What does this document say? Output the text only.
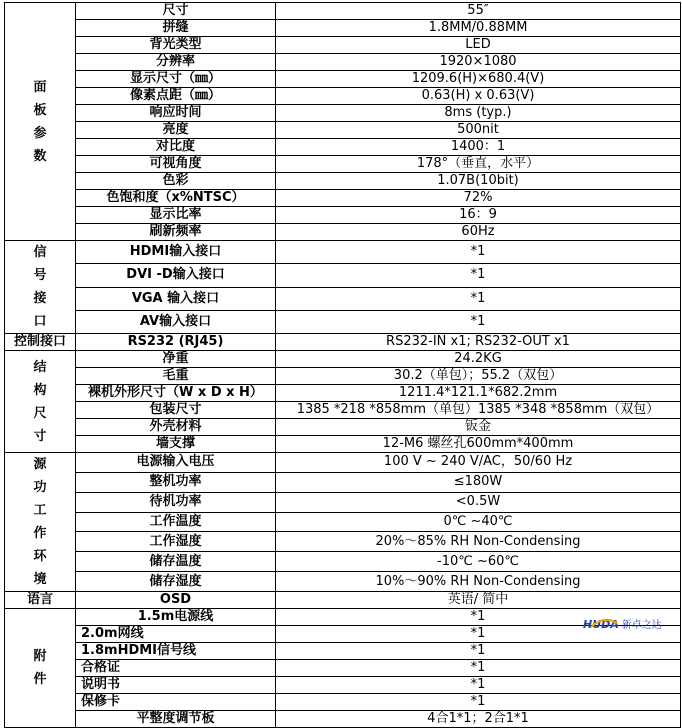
面板参数	尺寸	55″
	拼缝	1.8MM/0.88MM
	背光类型	LED
	分辨率	1920×1080
	显示尺寸（㎜）	1209.6(H)×680.4(V)
	像素点距（㎜）	0.63(H) x 0.63(V)
	响应时间	8ms (typ.)
	亮度	500nit
	对比度	1400：1
	可视角度	178°（垂直，水平）
	色彩	1.07B(10bit)
	色饱和度（x%NTSC）	72%
	显示比率	16：9
	刷新频率	60Hz
信号接口	HDMI输入接口	*1
	DVI -D输入接口	*1
	VGA 输入接口	*1
	AV输入接口	*1
控制接口	RS232 (RJ45)	RS232-IN x1; RS232-OUT x1
结构尺寸	净重	24.2KG
	毛重	30.2（单包）；55.2（双包）
	裸机外形尺寸（W x D x H）	1211.4*121.1*682.2mm
	包装尺寸	1385 *218 *858mm（单包）1385 *348 *858mm（双包）
	外壳材料	钣金
	墙支撑	12-M6 螺丝孔600mm*400mm
源功工作环境	电源输入电压	100 V ~ 240 V/AC，50/60 Hz
	整机功率	≤180W
	待机功率	<0.5W
	工作温度	0℃ ~40℃
	工作湿度	20%～85% RH Non-Condensing
	储存温度	-10℃ ~60℃
	储存湿度	10%～90% RH Non-Condensing
语言	OSD	英语/ 简中
附件	1.5m电源线	*1
	2.0m网线	*1
	1.8mHDMI信号线	*1
	合格证	*1
	说明书	*1
	保修卡	*1
	平整度调节板	4合1*1；2合1*1
HUDA 新卓之达
